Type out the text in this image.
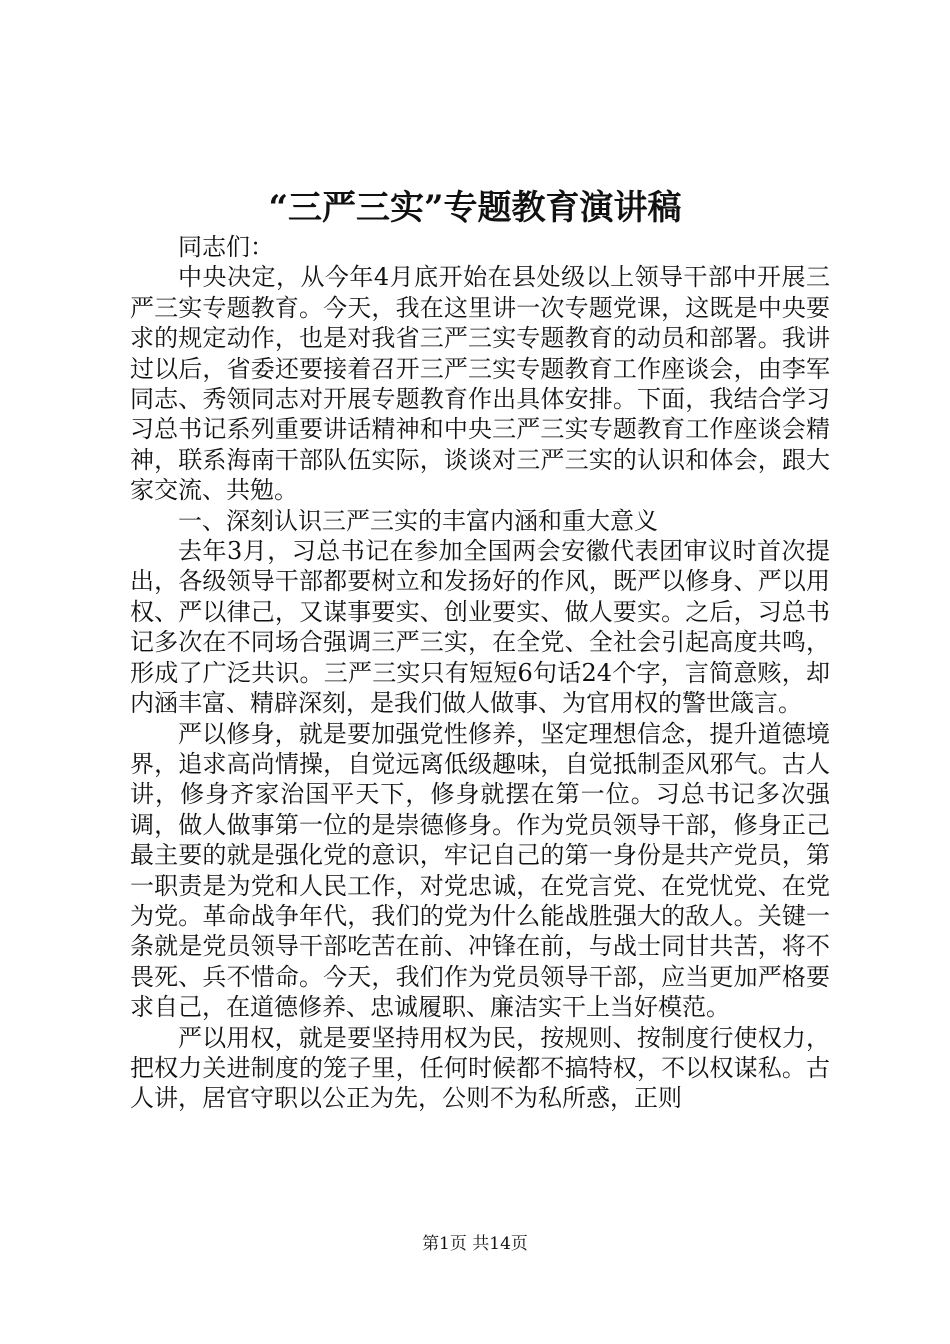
“三严三实”专题教育演讲稿

同志们：

中央决定，从今年4月底开始在县处级以上领导干部中开展三严三实专题教育。今天，我在这里讲一次专题党课，这既是中央要求的规定动作，也是对我省三严三实专题教育的动员和部署。我讲过以后，省委还要接着召开三严三实专题教育工作座谈会，由李军同志、秀领同志对开展专题教育作出具体安排。下面，我结合学习习总书记系列重要讲话精神和中央三严三实专题教育工作座谈会精神，联系海南干部队伍实际，谈谈对三严三实的认识和体会，跟大家交流、共勉。

一、深刻认识三严三实的丰富内涵和重大意义

去年3月，习总书记在参加全国两会安徽代表团审议时首次提出，各级领导干部都要树立和发扬好的作风，既严以修身、严以用权、严以律己，又谋事要实、创业要实、做人要实。之后，习总书记多次在不同场合强调三严三实，在全党、全社会引起高度共鸣，形成了广泛共识。三严三实只有短短6句话24个字，言简意赅，却内涵丰富、精辟深刻，是我们做人做事、为官用权的警世箴言。

严以修身，就是要加强党性修养，坚定理想信念，提升道德境界，追求高尚情操，自觉远离低级趣味，自觉抵制歪风邪气。古人讲，修身齐家治国平天下，修身就摆在第一位。习总书记多次强调，做人做事第一位的是崇德修身。作为党员领导干部，修身正己最主要的就是强化党的意识，牢记自己的第一身份是共产党员，第一职责是为党和人民工作，对党忠诚，在党言党、在党忧党、在党为党。革命战争年代，我们的党为什么能战胜强大的敌人。关键一条就是党员领导干部吃苦在前、冲锋在前，与战士同甘共苦，将不畏死、兵不惜命。今天，我们作为党员领导干部，应当更加严格要求自己，在道德修养、忠诚履职、廉洁实干上当好模范。

严以用权，就是要坚持用权为民，按规则、按制度行使权力，把权力关进制度的笼子里，任何时候都不搞特权，不以权谋私。古人讲，居官守职以公正为先，公则不为私所惑，正则

第1页 共14页
